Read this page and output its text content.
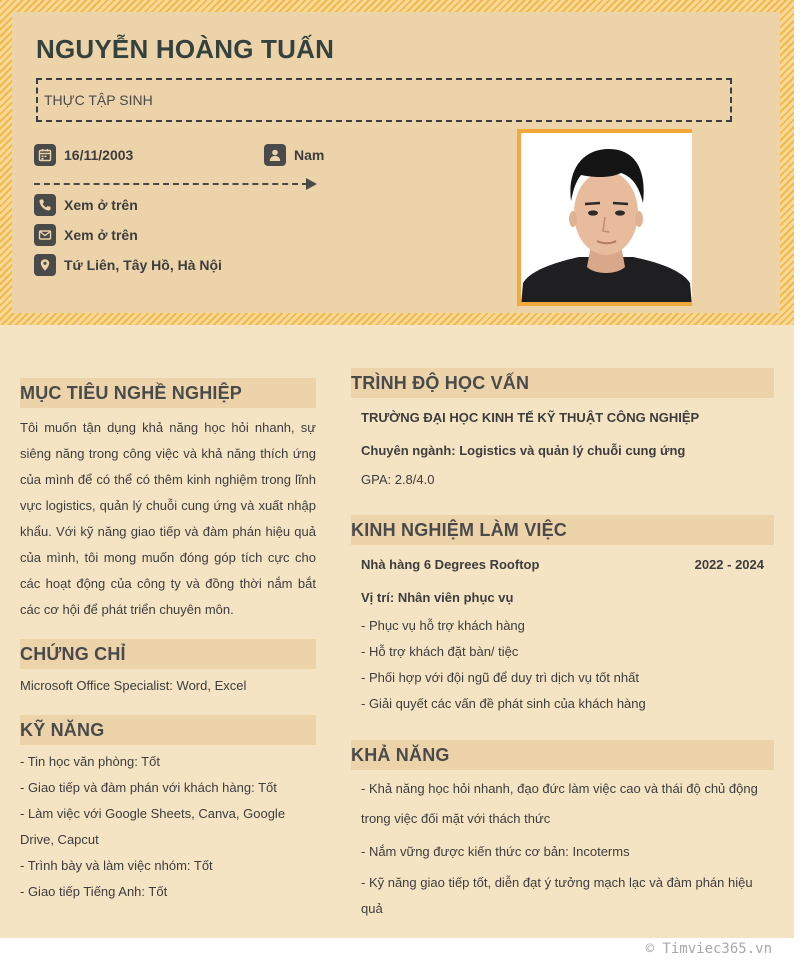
NGUYỄN HOÀNG TUẤN
THỰC TẬP SINH
16/11/2003	Nam
Xem ở trên
Xem ở trên
Tứ Liên, Tây Hồ, Hà Nội
MỤC TIÊU NGHỀ NGHIỆP
Tôi muốn tận dụng khả năng học hỏi nhanh, sự siêng năng trong công việc và khả năng thích ứng của mình để có thể có thêm kinh nghiệm trong lĩnh vực logistics, quản lý chuỗi cung ứng và xuất nhập khẩu. Với kỹ năng giao tiếp và đàm phán hiệu quả của mình, tôi mong muốn đóng góp tích cực cho các hoạt động của công ty và đồng thời nắm bắt các cơ hội để phát triển chuyên môn.
CHỨNG CHỈ
Microsoft Office Specialist: Word, Excel
KỸ NĂNG
- Tin học văn phòng: Tốt
- Giao tiếp và đàm phán với khách hàng: Tốt
- Làm việc với Google Sheets, Canva, Google Drive, Capcut
- Trình bày và làm việc nhóm: Tốt
- Giao tiếp Tiếng Anh: Tốt
TRÌNH ĐỘ HỌC VẤN
TRƯỜNG ĐẠI HỌC KINH TẾ KỸ THUẬT CÔNG NGHIỆP
Chuyên ngành: Logistics và quản lý chuỗi cung ứng
GPA: 2.8/4.0
KINH NGHIỆM LÀM VIỆC
Nhà hàng 6 Degrees Rooftop	2022 - 2024
Vị trí: Nhân viên phục vụ
- Phục vụ hỗ trợ khách hàng
- Hỗ trợ khách đặt bàn/ tiệc
- Phối hợp với đội ngũ để duy trì dịch vụ tốt nhất
- Giải quyết các vấn đề phát sinh của khách hàng
KHẢ NĂNG
- Khả năng học hỏi nhanh, đạo đức làm việc cao và thái độ chủ động trong việc đối mặt với thách thức
- Nắm vững được kiến thức cơ bản: Incoterms
- Kỹ năng giao tiếp tốt, diễn đạt ý tưởng mạch lạc và đàm phán hiệu quả
© Timviec365.vn
